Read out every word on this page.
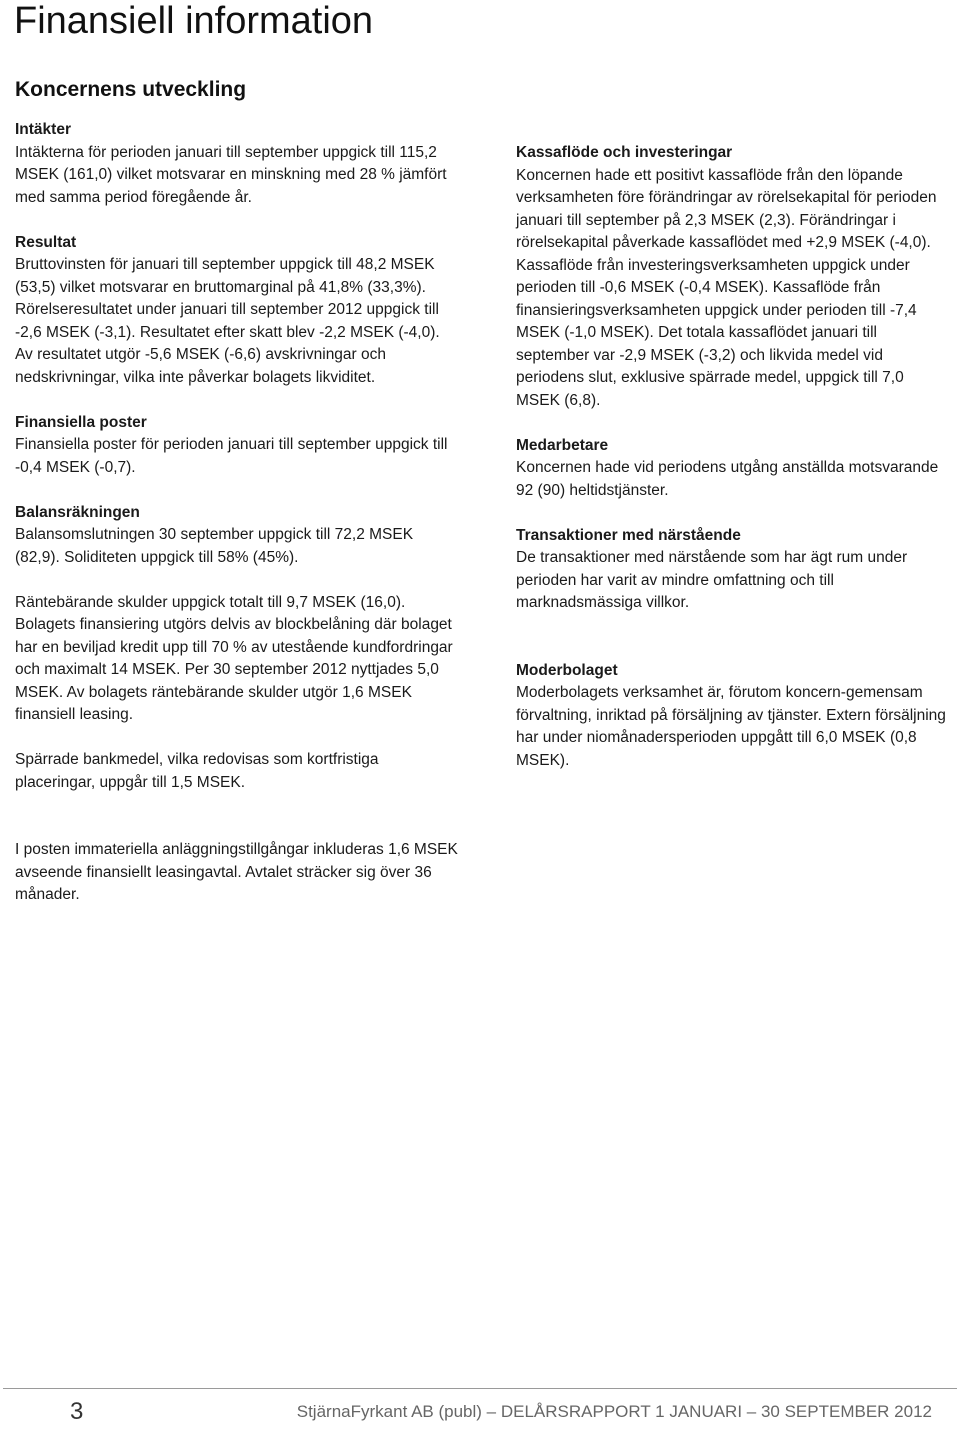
Finansiell information
Koncernens utveckling
Intäkter

Intäkterna för perioden januari till september uppgick till 115,2 MSEK (161,0) vilket motsvarar en minskning med 28 % jämfört med samma period föregående år.

Resultat

Bruttovinsten för januari till september uppgick till 48,2 MSEK (53,5) vilket motsvarar en bruttomarginal på 41,8% (33,3%). Rörelseresultatet under januari till september 2012 uppgick till -2,6 MSEK (-3,1). Resultatet efter skatt blev -2,2 MSEK (-4,0). Av resultatet utgör -5,6 MSEK (-6,6) avskrivningar och nedskrivningar, vilka inte påverkar bolagets likviditet.

Finansiella poster

Finansiella poster för perioden januari till september uppgick till -0,4 MSEK (-0,7).

Balansräkningen

Balansomslutningen 30 september uppgick till 72,2 MSEK (82,9). Soliditeten uppgick till 58% (45%).

Räntebärande skulder uppgick totalt till 9,7 MSEK (16,0). Bolagets finansiering utgörs delvis av blockbelåning där bolaget har en beviljad kredit upp till 70 % av utestående kundfordringar och maximalt 14 MSEK. Per 30 september 2012 nyttjades 5,0 MSEK. Av bolagets räntebärande skulder utgör 1,6 MSEK finansiell leasing.

Spärrade bankmedel, vilka redovisas som kortfristiga placeringar, uppgår till 1,5 MSEK.

I posten immateriella anläggningstillgångar inkluderas 1,6 MSEK avseende finansiellt leasingavtal. Avtalet sträcker sig över 36 månader.

Kassaflöde och investeringar

Koncernen hade ett positivt kassaflöde från den löpande verksamheten före förändringar av rörelsekapital för perioden januari till september på 2,3 MSEK (2,3). Förändringar i rörelsekapital påverkade kassaflödet med +2,9 MSEK (-4,0). Kassaflöde från investeringsverksamheten uppgick under perioden till -0,6 MSEK (-0,4 MSEK). Kassaflöde från finansieringsverksamheten uppgick under perioden till -7,4 MSEK (-1,0 MSEK). Det totala kassaflödet januari till september var -2,9 MSEK (-3,2) och likvida medel vid periodens slut, exklusive spärrade medel, uppgick till 7,0 MSEK (6,8).

Medarbetare

Koncernen hade vid periodens utgång anställda motsvarande 92 (90) heltidstjänster.

Transaktioner med närstående

De transaktioner med närstående som har ägt rum under perioden har varit av mindre omfattning och till marknadsmässiga villkor.

Moderbolaget

Moderbolagets verksamhet är, förutom koncern-gemensam förvaltning, inriktad på försäljning av tjänster. Extern försäljning har under niomånadersperioden uppgått till 6,0 MSEK (0,8 MSEK).

3	StjärnaFyrkant AB (publ) – DELÅRSRAPPORT 1 JANUARI – 30 SEPTEMBER 2012
